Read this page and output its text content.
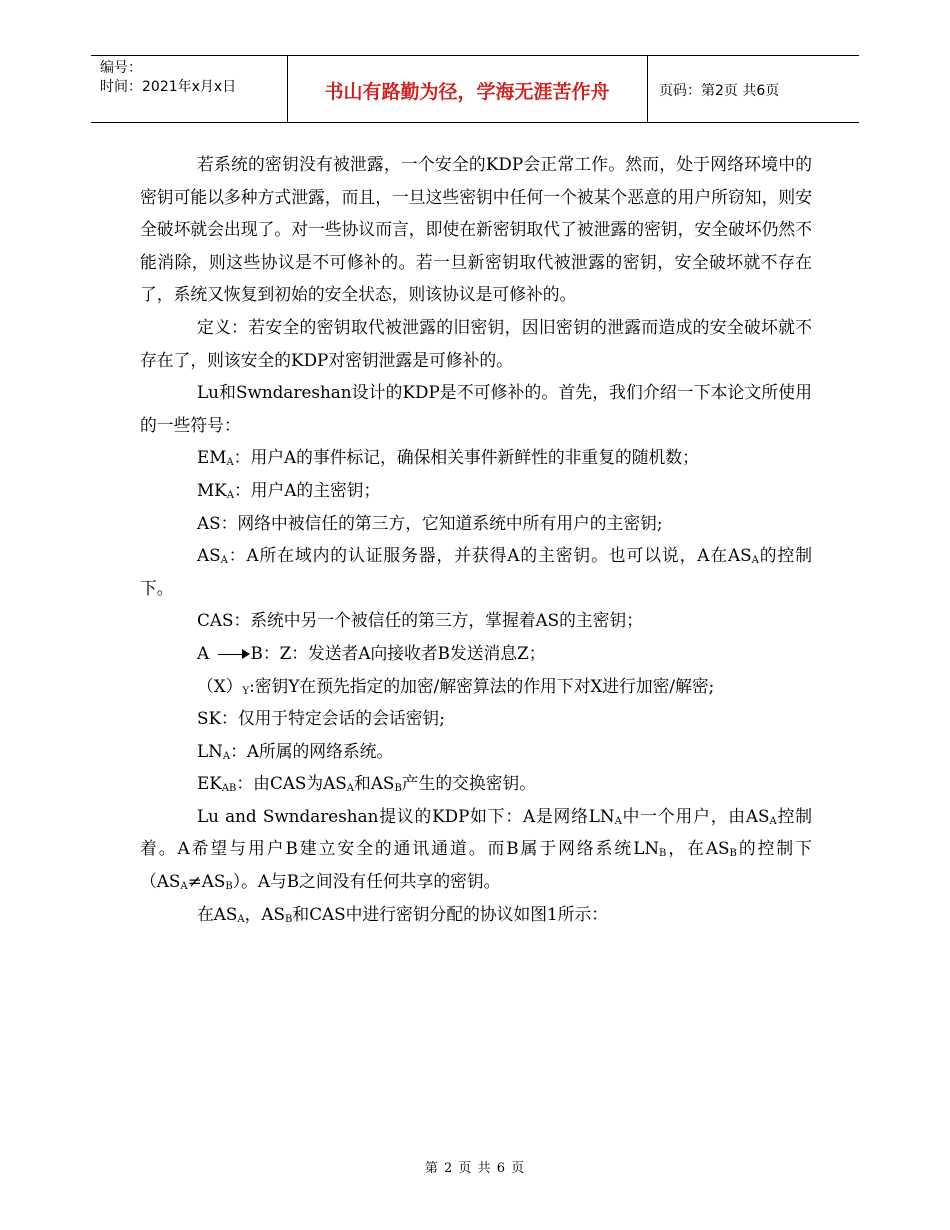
编号：
时间：2021年x月x日	书山有路勤为径，学海无涯苦作舟	页码：第2页 共6页

若系统的密钥没有被泄露，一个安全的KDP会正常工作。然而，处于网络环境中的密钥可能以多种方式泄露，而且，一旦这些密钥中任何一个被某个恶意的用户所窃知，则安全破坏就会出现了。对一些协议而言，即使在新密钥取代了被泄露的密钥，安全破坏仍然不能消除，则这些协议是不可修补的。若一旦新密钥取代被泄露的密钥，安全破坏就不存在了，系统又恢复到初始的安全状态，则该协议是可修补的。

定义：若安全的密钥取代被泄露的旧密钥，因旧密钥的泄露而造成的安全破坏就不存在了，则该安全的KDP对密钥泄露是可修补的。

Lu和Swndareshan设计的KDP是不可修补的。首先，我们介绍一下本论文所使用的一些符号：

$EM_A$：用户A的事件标记，确保相关事件新鲜性的非重复的随机数；

$MK_A$：用户A的主密钥；

AS：网络中被信任的第三方，它知道系统中所有用户的主密钥;

$AS_A$：A所在域内的认证服务器，并获得A的主密钥。也可以说，A在$AS_A$的控制下。

CAS：系统中另一个被信任的第三方，掌握着AS的主密钥；

A B：Z：发送者A向接收者B发送消息Z；

$(X)_Y$:密钥Y在预先指定的加密/解密算法的作用下对X进行加密/解密;

SK：仅用于特定会话的会话密钥;

$LN_A$：A所属的网络系统。

$EK_{AB}$：由CAS为$AS_A$和$AS_B$产生的交换密钥。

Lu and Swndareshan提议的KDP如下：A是网络$LN_A$中一个用户，由$AS_A$控制着。A希望与用户B建立安全的通讯通道。而B属于网络系统$LN_B$，在$AS_B$的控制下$(AS_A\ne AS_B)$。A与B之间没有任何共享的密钥。

在$AS_A$，$AS_B$和CAS中进行密钥分配的协议如图1所示：

第 2 页 共 6 页
